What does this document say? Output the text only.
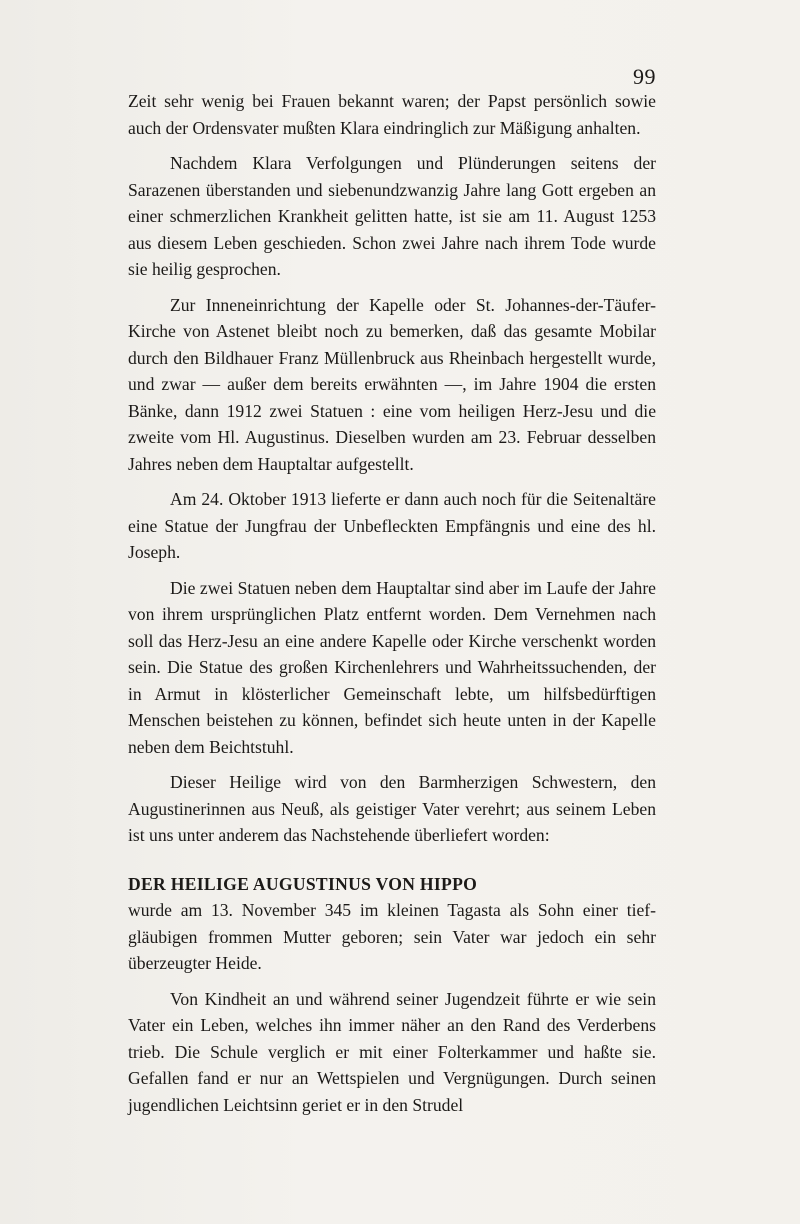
99

Zeit sehr wenig bei Frauen bekannt waren; der Papst persönlich sowie auch der Ordensvater mußten Klara eindringlich zur Mäßigung anhalten.

Nachdem Klara Verfolgungen und Plünderungen seitens der Sarazenen überstanden und siebenundzwanzig Jahre lang Gott ergeben an einer schmerzlichen Krankheit gelitten hatte, ist sie am 11. August 1253 aus diesem Leben geschieden. Schon zwei Jahre nach ihrem Tode wurde sie heilig gesprochen.

Zur Inneneinrichtung der Kapelle oder St. Johannes-der-Täufer-Kirche von Astenet bleibt noch zu bemerken, daß das gesamte Mobilar durch den Bildhauer Franz Müllenbruck aus Rheinbach hergestellt wurde, und zwar — außer dem bereits erwähnten —, im Jahre 1904 die ersten Bänke, dann 1912 zwei Statuen : eine vom heiligen Herz-Jesu und die zweite vom Hl. Augustinus. Dieselben wurden am 23. Februar desselben Jahres neben dem Hauptaltar aufgestellt.

Am 24. Oktober 1913 lieferte er dann auch noch für die Seitenaltäre eine Statue der Jungfrau der Unbefleckten Empfängnis und eine des hl. Joseph.

Die zwei Statuen neben dem Hauptaltar sind aber im Laufe der Jahre von ihrem ursprünglichen Platz entfernt worden. Dem Vernehmen nach soll das Herz-Jesu an eine andere Kapelle oder Kirche verschenkt worden sein. Die Statue des großen Kirchenlehrers und Wahrheitssuchenden, der in Armut in klösterlicher Gemeinschaft lebte, um hilfsbedürftigen Menschen beistehen zu können, befindet sich heute unten in der Kapelle neben dem Beichtstuhl.

Dieser Heilige wird von den Barmherzigen Schwestern, den Augustinerinnen aus Neuß, als geistiger Vater verehrt; aus seinem Leben ist uns unter anderem das Nachstehende überliefert worden:

DER HEILIGE AUGUSTINUS VON HIPPO

wurde am 13. November 345 im kleinen Tagasta als Sohn einer tiefgläubigen frommen Mutter geboren; sein Vater war jedoch ein sehr überzeugter Heide.

Von Kindheit an und während seiner Jugendzeit führte er wie sein Vater ein Leben, welches ihn immer näher an den Rand des Verderbens trieb. Die Schule verglich er mit einer Folterkammer und haßte sie. Gefallen fand er nur an Wettspielen und Vergnügungen. Durch seinen jugendlichen Leichtsinn geriet er in den Strudel
